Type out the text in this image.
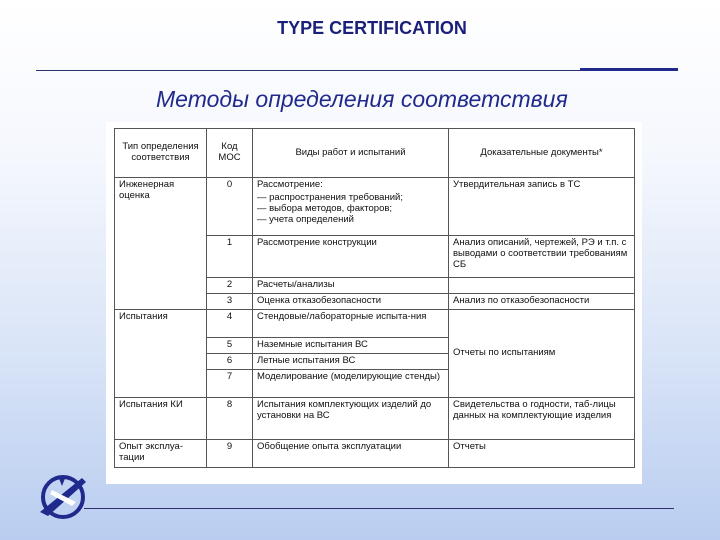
TYPE CERTIFICATION
Методы определения соответствия
Тип определения соответствия	Код МОС	Виды работ и испытаний	Доказательные документы*
Инженерная оценка	0	Рассмотрение:
— распространения требований;
— выбора методов, факторов;
— учета определений	Утвердительная запись в ТС
	1	Рассмотрение конструкции	Анализ описаний, чертежей, РЭ и т.п. с выводами о соответствии требованиям СБ
	2	Расчеты/анализы	
	3	Оценка отказобезопасности	Анализ по отказобезопасности
Испытания	4	Стендовые/лабораторные испыта-ния	Отчеты по испытаниям
	5	Наземные испытания ВС	
	6	Летные испытания ВС	
	7	Моделирование (моделирующие стенды)	
Испытания КИ	8	Испытания комплектующих изделий до установки на ВС	Свидетельства о годности, таб-лицы данных на комплектующие изделия
Опыт эксплуа-тации	9	Обобщение опыта эксплуатации	Отчеты
